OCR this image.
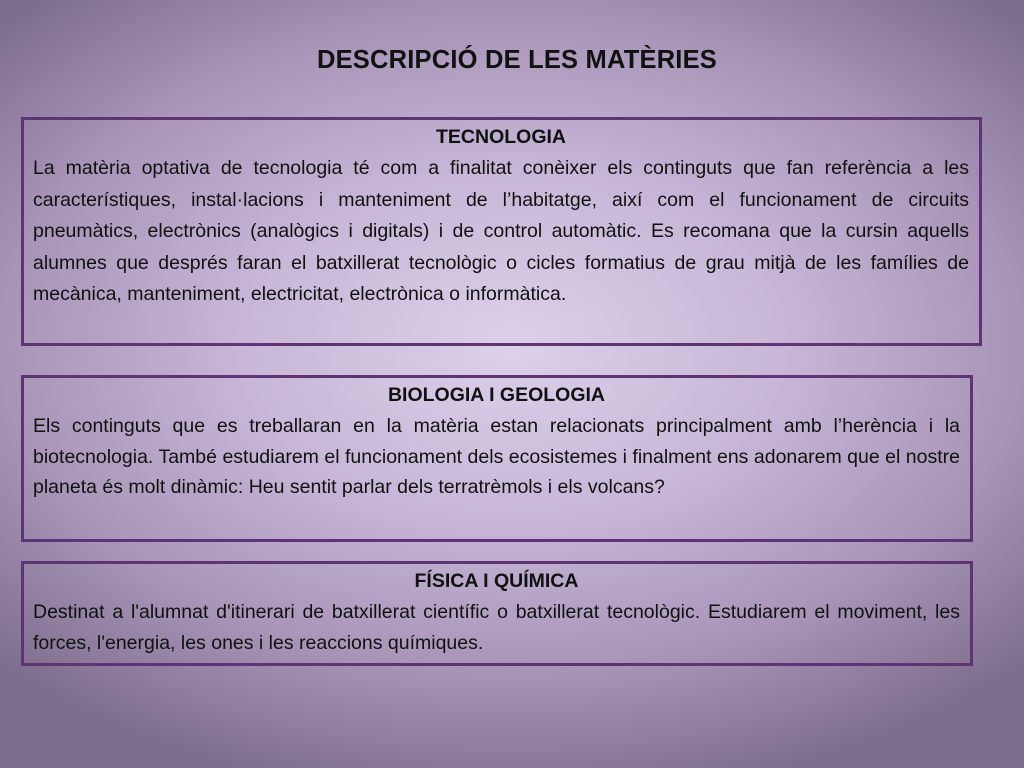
DESCRIPCIÓ DE LES MATÈRIES
TECNOLOGIA
La matèria optativa de tecnologia té com a finalitat conèixer els continguts que fan referència a les característiques, instal·lacions i manteniment de l’habitatge, així com el funcionament de circuits pneumàtics, electrònics (analògics i digitals) i de control automàtic. Es recomana que la cursin aquells alumnes que després faran el batxillerat tecnològic o cicles formatius de grau mitjà de les famílies de mecànica, manteniment, electricitat, electrònica o informàtica.
BIOLOGIA I GEOLOGIA
Els continguts que es treballaran en la matèria estan relacionats principalment amb l’herència i la biotecnologia. També estudiarem el funcionament dels ecosistemes i finalment ens adonarem que el nostre planeta és molt dinàmic: Heu sentit parlar dels terratrèmols i els volcans?
FÍSICA I QUÍMICA
Destinat a l'alumnat d'itinerari de batxillerat científic o batxillerat tecnològic. Estudiarem el moviment, les forces, l'energia, les ones i les reaccions químiques.
